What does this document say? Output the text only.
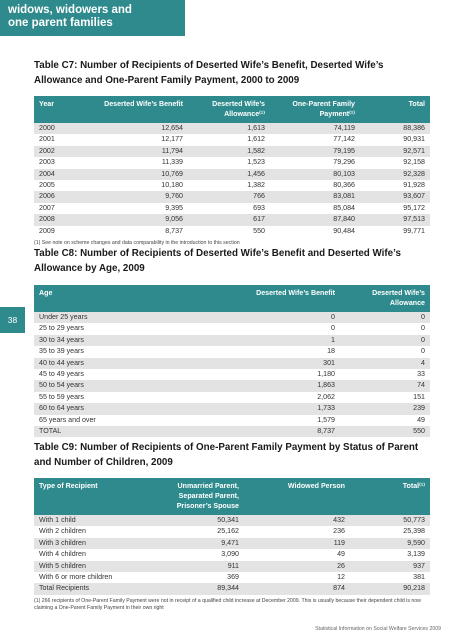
widows, widowers and
one parent families
38
Table C7: Number of Recipients of Deserted Wife’s Benefit, Deserted Wife’s Allowance and One-Parent Family Payment, 2000 to 2009
Year	Deserted Wife’s Benefit	Deserted Wife’s Allowance⁽¹⁾	One-Parent Family Payment⁽¹⁾	Total
2000	12,654	1,613	74,119	88,386
2001	12,177	1,612	77,142	90,931
2002	11,794	1,582	79,195	92,571
2003	11,339	1,523	79,296	92,158
2004	10,769	1,456	80,103	92,328
2005	10,180	1,382	80,366	91,928
2006	9,760	766	83,081	93,607
2007	9,395	693	85,084	95,172
2008	9,056	617	87,840	97,513
2009	8,737	550	90,484	99,771
(1) See note on scheme changes and data comparability in the introduction to this section
Table C8: Number of Recipients of Deserted Wife’s Benefit and Deserted Wife’s Allowance by Age, 2009
Age	Deserted Wife’s Benefit	Deserted Wife’s Allowance
Under 25 years	0	0
25 to 29 years	0	0
30 to 34 years	1	0
35 to 39 years	18	0
40 to 44 years	301	4
45 to 49 years	1,180	33
50 to 54 years	1,863	74
55 to 59 years	2,062	151
60 to 64 years	1,733	239
65 years and over	1,579	49
TOTAL	8,737	550
Table C9: Number of Recipients of One-Parent Family Payment by Status of Parent and Number of Children, 2009
Type of Recipient	Unmarried Parent, Separated Parent, Prisoner’s Spouse	Widowed Person	Total⁽¹⁾
With 1 child	50,341	432	50,773
With 2 children	25,162	236	25,398
With 3 children	9,471	119	9,590
With 4 children	3,090	49	3,139
With 5 children	911	26	937
With 6 or more children	369	12	381
Total Recipients	89,344	874	90,218
(1) 266 recipients of One-Parent Family Payment were not in receipt of a qualified child increase at December 2009. This is usually because their dependent child is now claiming a One-Parent Family Payment in their own right
Statistical Information on Social Welfare Services 2009
